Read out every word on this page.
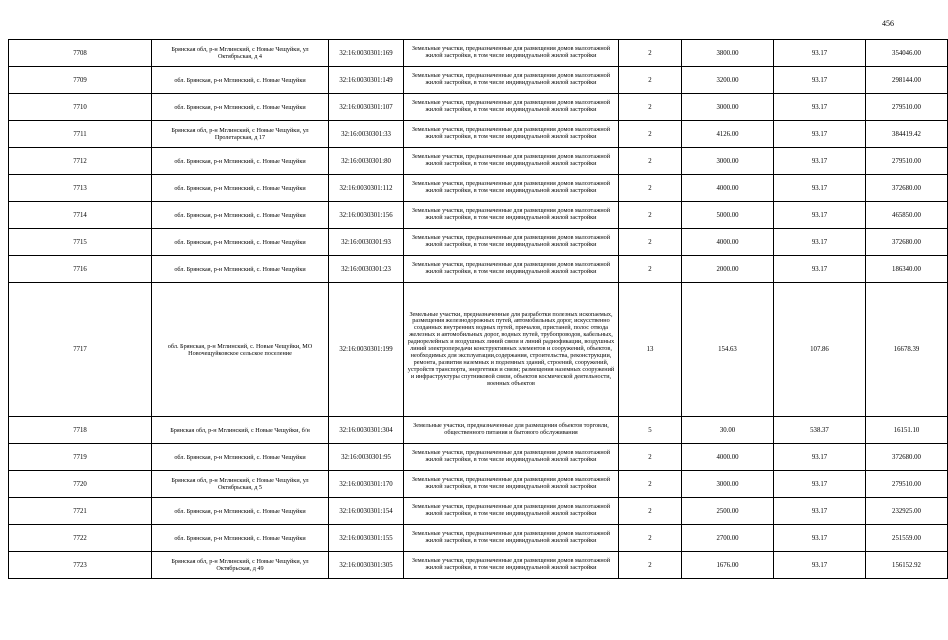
456
7708	Брянская обл, р-н Мглинский, с Новые Чещуйки, ул Октябрьская, д 4	32:16:0030301:169	Земельные участки, предназначенные для размещения домов малоэтажной жилой застройки, в том числе индивидуальной жилой застройки	2	3800.00	93.17	354046.00
7709	обл. Брянская, р-н Мглинский, с. Новые Чещуйки	32:16:0030301:149	Земельные участки, предназначенные для размещения домов малоэтажной жилой застройки, в том числе индивидуальной жилой застройки	2	3200.00	93.17	298144.00
7710	обл. Брянская, р-н Мглинский, с. Новые Чещуйки	32:16:0030301:107	Земельные участки, предназначенные для размещения домов малоэтажной жилой застройки, в том числе индивидуальной жилой застройки	2	3000.00	93.17	279510.00
7711	Брянская обл, р-н Мглинский, с Новые Чещуйки, ул Пролетарская, д 17	32:16:0030301:33	Земельные участки, предназначенные для размещения домов малоэтажной жилой застройки, в том числе индивидуальной жилой застройки	2	4126.00	93.17	384419.42
7712	обл. Брянская, р-н Мглинский, с. Новые Чещуйки	32:16:0030301:80	Земельные участки, предназначенные для размещения домов малоэтажной жилой застройки, в том числе индивидуальной жилой застройки	2	3000.00	93.17	279510.00
7713	обл. Брянская, р-н Мглинский, с. Новые Чещуйки	32:16:0030301:112	Земельные участки, предназначенные для размещения домов малоэтажной жилой застройки, в том числе индивидуальной жилой застройки	2	4000.00	93.17	372680.00
7714	обл. Брянская, р-н Мглинский, с. Новые Чещуйки	32:16:0030301:156	Земельные участки, предназначенные для размещения домов малоэтажной жилой застройки, в том числе индивидуальной жилой застройки	2	5000.00	93.17	465850.00
7715	обл. Брянская, р-н Мглинский, с. Новые Чещуйки	32:16:0030301:93	Земельные участки, предназначенные для размещения домов малоэтажной жилой застройки, в том числе индивидуальной жилой застройки	2	4000.00	93.17	372680.00
7716	обл. Брянская, р-н Мглинский, с. Новые Чещуйки	32:16:0030301:23	Земельные участки, предназначенные для размещения домов малоэтажной жилой застройки, в том числе индивидуальной жилой застройки	2	2000.00	93.17	186340.00
7717	обл. Брянская, р-н Мглинский, с. Новые Чещуйки, МО Новочещуйковское сельское поселение	32:16:0030301:199	Земельные участки, предназначенные для разработки полезных ископаемых, размещения железнодорожных путей, автомобильных дорог, искусственно созданных внутренних водных путей, причалов, пристаней, полос отвода железных и автомобильных дорог, водных путей, трубопроводов, кабельных, радиорелейных и воздушных линий связи и линий радиофикации, воздушных линий электропередачи конструктивных элементов и сооружений, объектов, необходимых для эксплуатации,содержания, строительства, реконструкции, ремонта, развития наземных и подземных зданий, строений, сооружений, устройств транспорта, энергетики и связи; размещения наземных сооружений и инфраструктуры спутниковой связи, объектов космической деятельности, военных объектов	13	154.63	107.86	16678.39
7718	Брянская обл, р-н Мглинский, с Новые Чещуйки, б/н	32:16:0030301:304	Земельные участки, предназначенные для размещения объектов торговли, общественного питания и бытового обслуживания	5	30.00	538.37	16151.10
7719	обл. Брянская, р-н Мглинский, с. Новые Чещуйки	32:16:0030301:95	Земельные участки, предназначенные для размещения домов малоэтажной жилой застройки, в том числе индивидуальной жилой застройки	2	4000.00	93.17	372680.00
7720	Брянская обл, р-н Мглинский, с Новые Чещуйки, ул Октябрьская, д 5	32:16:0030301:170	Земельные участки, предназначенные для размещения домов малоэтажной жилой застройки, в том числе индивидуальной жилой застройки	2	3000.00	93.17	279510.00
7721	обл. Брянская, р-н Мглинский, с. Новые Чещуйки	32:16:0030301:154	Земельные участки, предназначенные для размещения домов малоэтажной жилой застройки, в том числе индивидуальной жилой застройки	2	2500.00	93.17	232925.00
7722	обл. Брянская, р-н Мглинский, с. Новые Чещуйки	32:16:0030301:155	Земельные участки, предназначенные для размещения домов малоэтажной жилой застройки, в том числе индивидуальной жилой застройки	2	2700.00	93.17	251559.00
7723	Брянская обл, р-н Мглинский, с Новые Чещуйки, ул Октябрьская, д 49	32:16:0030301:305	Земельные участки, предназначенные для размещения домов малоэтажной жилой застройки, в том числе индивидуальной жилой застройки	2	1676.00	93.17	156152.92
